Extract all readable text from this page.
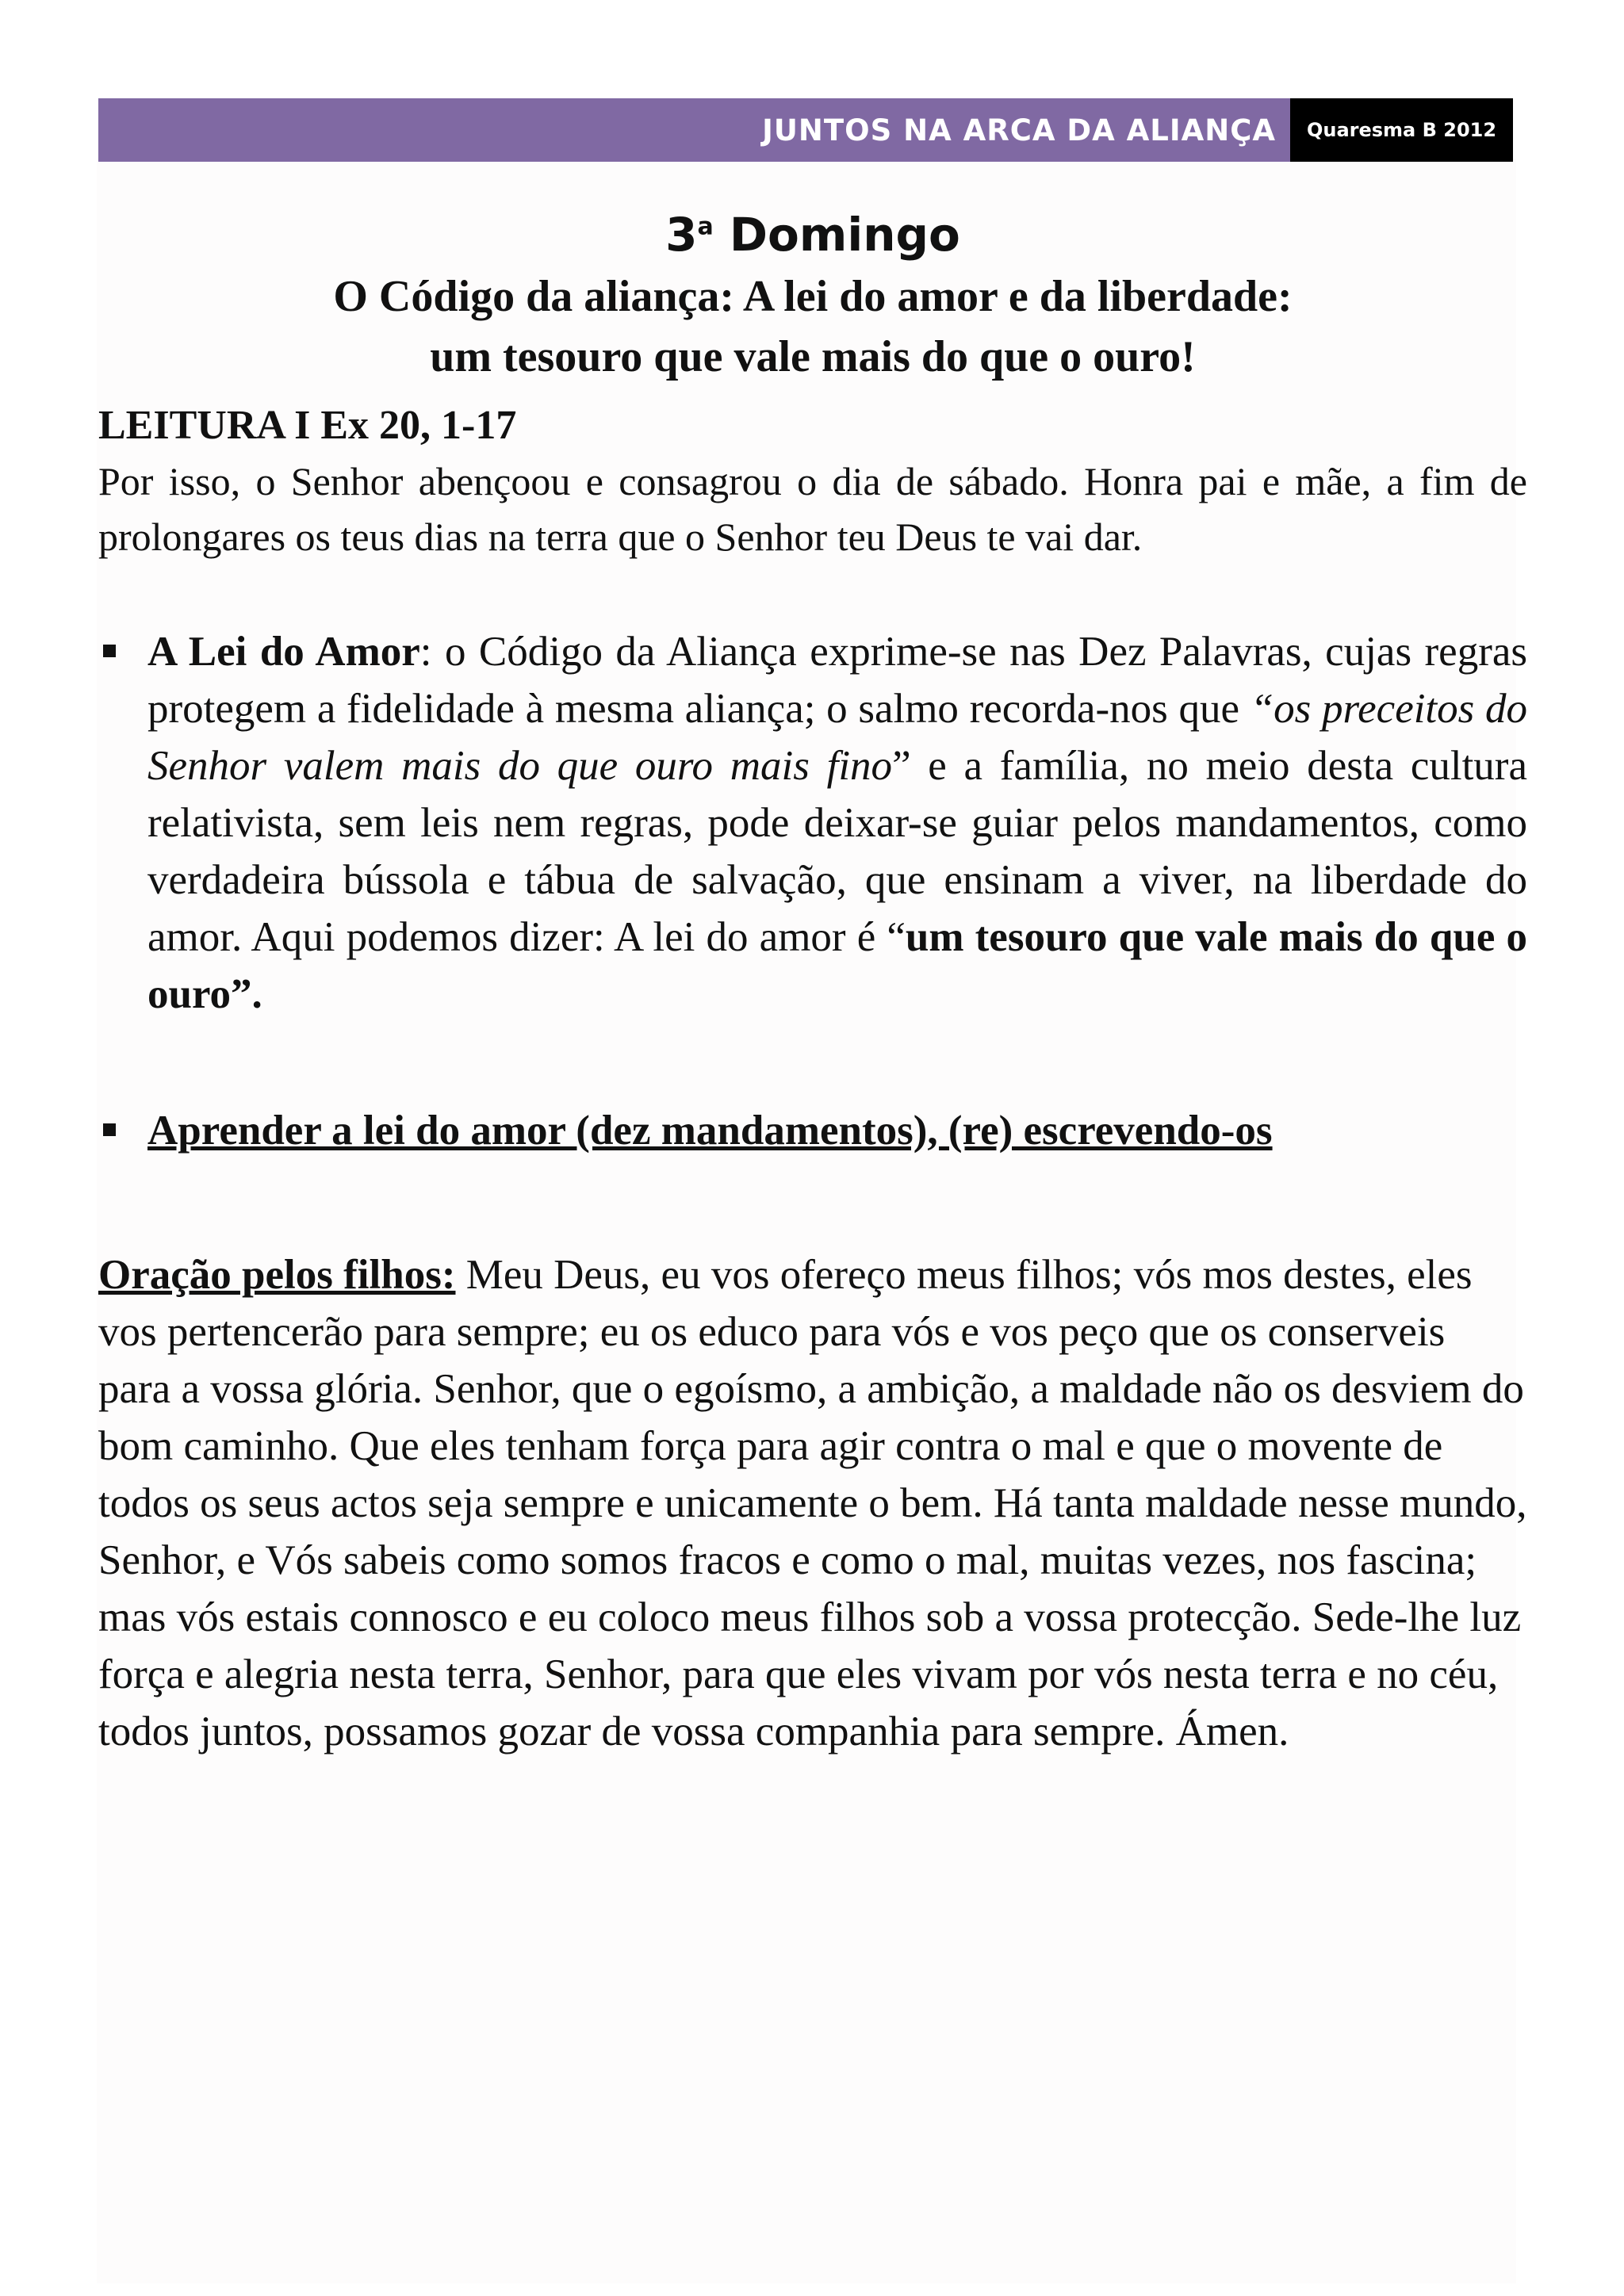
JUNTOS NA ARCA DA ALIANÇA Quaresma B 2012
3$^a$ Domingo
O Código da aliança: A lei do amor e da liberdade:
um tesouro que vale mais do que o ouro!
LEITURA I Ex 20, 1-17
Por isso, o Senhor abençoou e consagrou o dia de sábado. Honra pai e mãe, a fim de prolongares os teus dias na terra que o Senhor teu Deus te vai dar.
A Lei do Amor: o Código da Aliança exprime-se nas Dez Palavras, cujas regras protegem a fidelidade à mesma aliança; o salmo recorda-nos que “os preceitos do Senhor valem mais do que ouro mais fino” e a família, no meio desta cultura relativista, sem leis nem regras, pode deixar-se guiar pelos mandamentos, como verdadeira bússola e tábua de salvação, que ensinam a viver, na liberdade do amor. Aqui podemos dizer: A lei do amor é “um tesouro que vale mais do que o ouro”.
Aprender a lei do amor (dez mandamentos), (re) escrevendo-os
Oração pelos filhos: Meu Deus, eu vos ofereço meus filhos; vós mos destes, eles vos pertencerão para sempre; eu os educo para vós e vos peço que os conserveis para a vossa glória. Senhor, que o egoísmo, a ambição, a maldade não os desviem do bom caminho. Que eles tenham força para agir contra o mal e que o movente de todos os seus actos seja sempre e unicamente o bem. Há tanta maldade nesse mundo, Senhor, e Vós sabeis como somos fracos e como o mal, muitas vezes, nos fascina; mas vós estais connosco e eu coloco meus filhos sob a vossa protecção. Sede-lhe luz força e alegria nesta terra, Senhor, para que eles vivam por vós nesta terra e no céu, todos juntos, possamos gozar de vossa companhia para sempre. Ámen.
